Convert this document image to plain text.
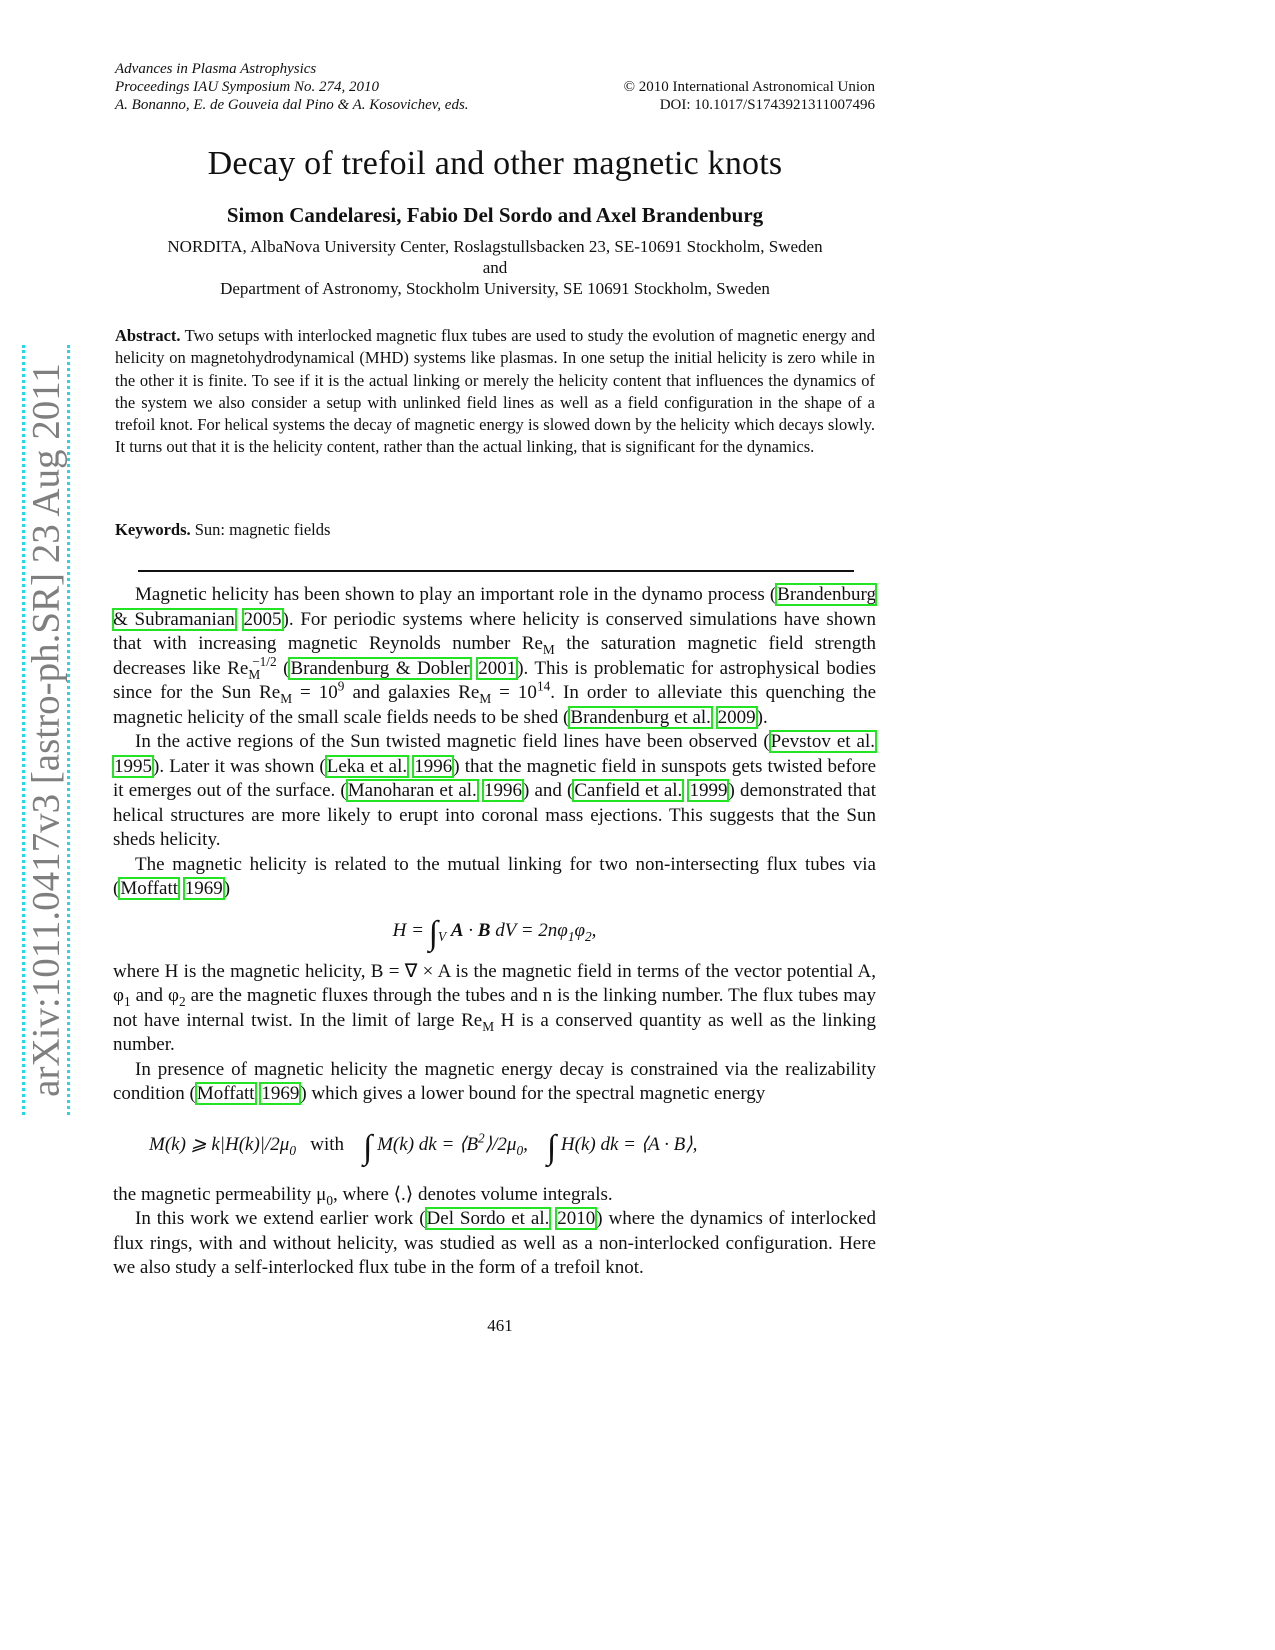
Advances in Plasma Astrophysics
Proceedings IAU Symposium No. 274, 2010	© 2010 International Astronomical Union
A. Bonanno, E. de Gouveia dal Pino & A. Kosovichev, eds.	DOI: 10.1017/S1743921311007496
Decay of trefoil and other magnetic knots
Simon Candelaresi, Fabio Del Sordo and Axel Brandenburg
NORDITA, AlbaNova University Center, Roslagstullsbacken 23, SE-10691 Stockholm, Sweden
and
Department of Astronomy, Stockholm University, SE 10691 Stockholm, Sweden
Abstract. Two setups with interlocked magnetic flux tubes are used to study the evolution of magnetic energy and helicity on magnetohydrodynamical (MHD) systems like plasmas. In one setup the initial helicity is zero while in the other it is finite. To see if it is the actual linking or merely the helicity content that influences the dynamics of the system we also consider a setup with unlinked field lines as well as a field configuration in the shape of a trefoil knot. For helical systems the decay of magnetic energy is slowed down by the helicity which decays slowly. It turns out that it is the helicity content, rather than the actual linking, that is significant for the dynamics.
Keywords. Sun: magnetic fields

Magnetic helicity has been shown to play an important role in the dynamo process (Brandenburg & Subramanian 2005). For periodic systems where helicity is conserved simulations have shown that with increasing magnetic Reynolds number $Re_M$ the saturation magnetic field strength decreases like $Re_M^{-1/2}$ (Brandenburg & Dobler 2001). This is problematic for astrophysical bodies since for the Sun $Re_M = 10^9$ and galaxies $Re_M = 10^{14}$. In order to alleviate this quenching the magnetic helicity of the small scale fields needs to be shed (Brandenburg et al. 2009).

In the active regions of the Sun twisted magnetic field lines have been observed (Pevstov et al. 1995). Later it was shown (Leka et al. 1996) that the magnetic field in sunspots gets twisted before it emerges out of the surface. (Manoharan et al. 1996) and (Canfield et al. 1999) demonstrated that helical structures are more likely to erupt into coronal mass ejections. This suggests that the Sun sheds helicity.

The magnetic helicity is related to the mutual linking for two non-intersecting flux tubes via (Moffatt 1969)

$H = \int_V$ A · B dV = $2n\varphi_1\varphi_2$,

where H is the magnetic helicity, B = ∇ × A is the magnetic field in terms of the vector potential A, $\varphi_1$ and $\varphi_2$ are the magnetic fluxes through the tubes and n is the linking number. The flux tubes may not have internal twist. In the limit of large $Re_M$ H is a conserved quantity as well as the linking number.

In presence of magnetic helicity the magnetic energy decay is constrained via the realizability condition (Moffatt 1969) which gives a lower bound for the spectral magnetic energy

M(k) ⩾ $k|H(k)|/2\mu_0$ with ∫ M(k) dk = $⟨B^2⟩/2\mu_0$, ∫ H(k) dk = ⟨A · B⟩,

the magnetic permeability $\mu_0$, where ⟨.⟩ denotes volume integrals.

In this work we extend earlier work (Del Sordo et al. 2010) where the dynamics of interlocked flux rings, with and without helicity, was studied as well as a non-interlocked configuration. Here we also study a self-interlocked flux tube in the form of a trefoil knot.

461
arXiv:1011.0417v3 [astro-ph.SR] 23 Aug 2011
